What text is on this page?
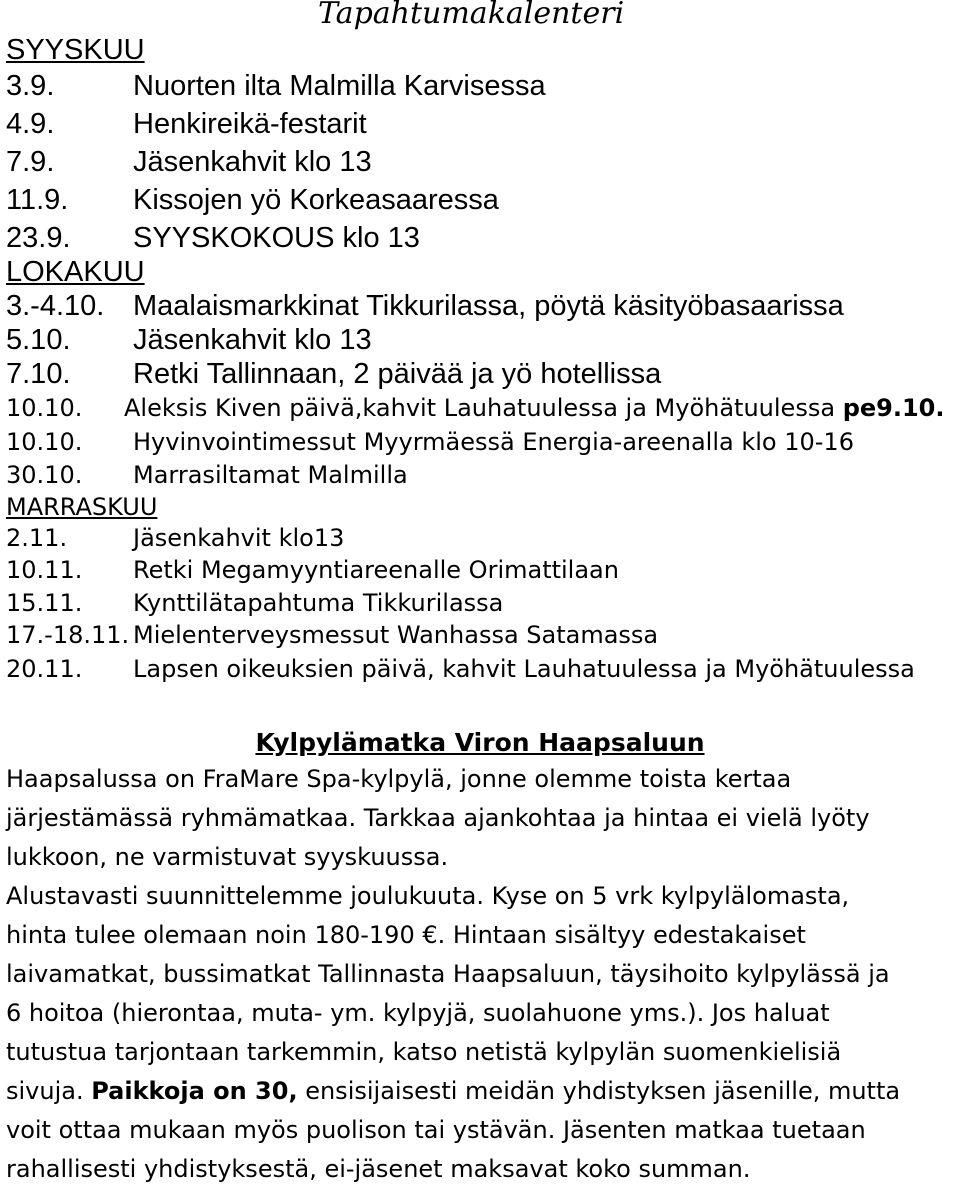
Tapahtumakalenteri
SYYSKUU
3.9.	Nuorten ilta Malmilla Karvisessa
4.9.	Henkireikä-festarit
7.9.	Jäsenkahvit klo 13
11.9. Kissojen yö Korkeasaaressa
23.9. SYYSKOKOUS klo 13
LOKAKUU
3.-4.10. Maalaismarkkinat Tikkurilassa, pöytä käsityöbasaarissa
5.10. Jäsenkahvit klo 13
7.10. Retki Tallinnaan, 2 päivää ja yö hotellissa
10.10. Aleksis Kiven päivä,kahvit Lauhatuulessa ja Myöhätuulessa pe9.10.
10.10. Hyvinvointimessut Myyrmäessä Energia-areenalla klo 10-16
30.10. Marrasiltamat Malmilla
MARRASKUU
2.11.	Jäsenkahvit klo13
10.11. Retki Megamyyntiareenalle Orimattilaan
15.11. Kynttilätapahtuma Tikkurilassa
17.-18.11. Mielenterveysmessut Wanhassa Satamassa
20.11. Lapsen oikeuksien päivä, kahvit Lauhatuulessa ja Myöhätuulessa
Kylpylämatka Viron Haapsaluun
Haapsalussa on FraMare Spa-kylpylä, jonne olemme toista kertaa
järjestämässä ryhmämatkaa. Tarkkaa ajankohtaa ja hintaa ei vielä lyöty
lukkoon, ne varmistuvat syyskuussa.
Alustavasti suunnittelemme joulukuuta. Kyse on 5 vrk kylpylälomasta,
hinta tulee olemaan noin 180-190 €. Hintaan sisältyy edestakaiset
laivamatkat, bussimatkat Tallinnasta Haapsaluun, täysihoito kylpylässä ja
6 hoitoa (hierontaa, muta- ym. kylpyjä, suolahuone yms.). Jos haluat
tutustua tarjontaan tarkemmin, katso netistä kylpylän suomenkielisiä
sivuja. Paikkoja on 30, ensisijaisesti meidän yhdistyksen jäsenille, mutta
voit ottaa mukaan myös puolison tai ystävän. Jäsenten matkaa tuetaan
rahallisesti yhdistyksestä, ei-jäsenet maksavat koko summan.
